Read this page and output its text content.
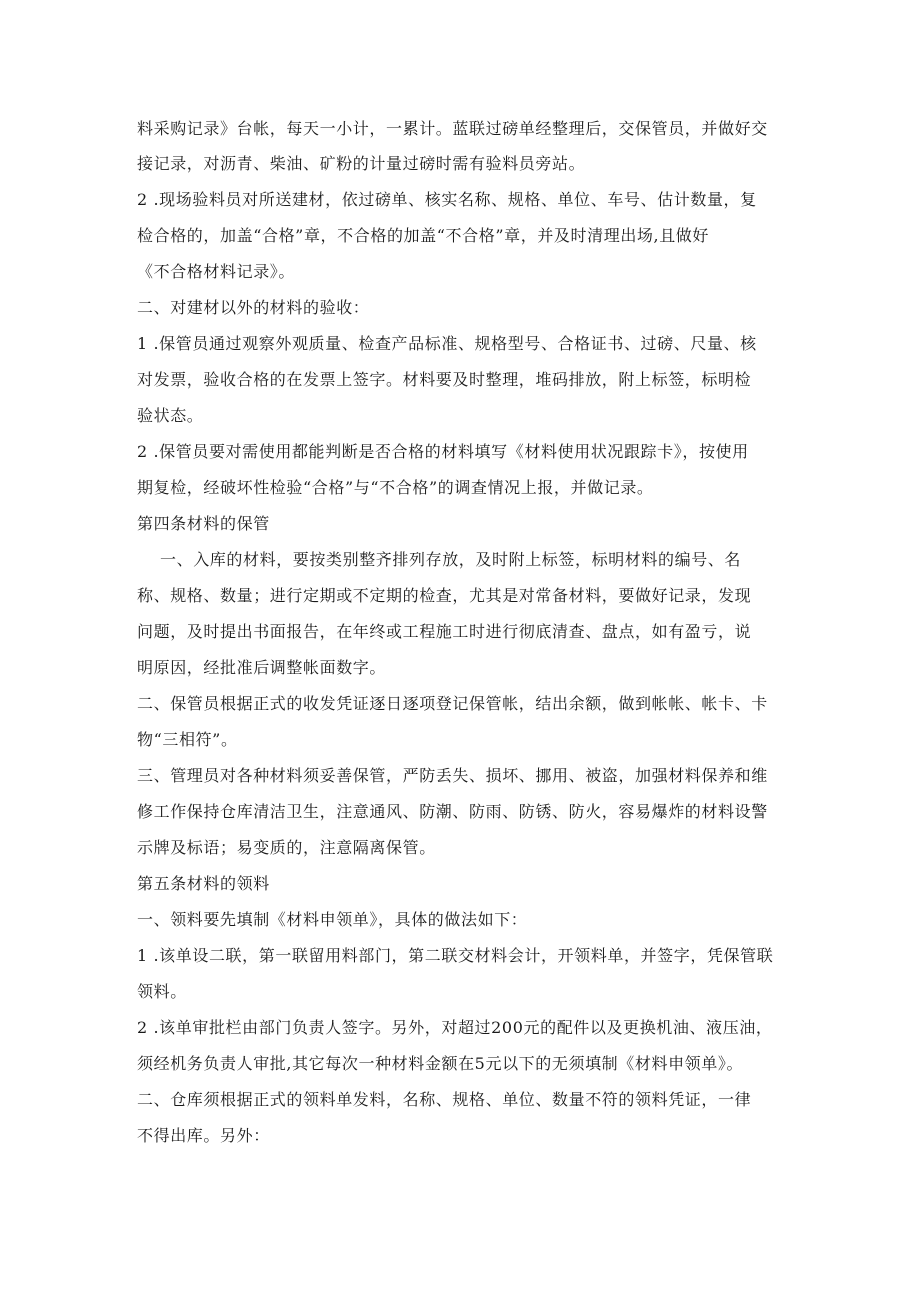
料采购记录》台帐，每天一小计，一累计。蓝联过磅单经整理后，交保管员，并做好交
接记录，对沥青、柴油、矿粉的计量过磅时需有验料员旁站。
2 .现场验料员对所送建材，依过磅单、核实名称、规格、单位、车号、估计数量，复
检合格的，加盖“合格”章，不合格的加盖“不合格”章，并及时清理出场,且做好
《不合格材料记录》。
二、对建材以外的材料的验收：
1 .保管员通过观察外观质量、检查产品标准、规格型号、合格证书、过磅、尺量、核
对发票，验收合格的在发票上签字。材料要及时整理，堆码排放，附上标签，标明检
验状态。
2 .保管员要对需使用都能判断是否合格的材料填写《材料使用状况跟踪卡》，按使用
期复检，经破坏性检验“合格”与“不合格”的调查情况上报，并做记录。
第四条材料的保管
一、入库的材料，要按类别整齐排列存放，及时附上标签，标明材料的编号、名
称、规格、数量；进行定期或不定期的检查，尤其是对常备材料，要做好记录，发现
问题，及时提出书面报告，在年终或工程施工时进行彻底清查、盘点，如有盈亏，说
明原因，经批准后调整帐面数字。
二、保管员根据正式的收发凭证逐日逐项登记保管帐，结出余额，做到帐帐、帐卡、卡
物“三相符”。
三、管理员对各种材料须妥善保管，严防丢失、损坏、挪用、被盗，加强材料保养和维
修工作保持仓库清洁卫生，注意通风、防潮、防雨、防锈、防火，容易爆炸的材料设警
示牌及标语；易变质的，注意隔离保管。
第五条材料的领料
一、领料要先填制《材料申领单》，具体的做法如下：
1 .该单设二联，第一联留用料部门，第二联交材料会计，开领料单，并签字，凭保管联
领料。
2 .该单审批栏由部门负责人签字。另外，对超过200元的配件以及更换机油、液压油，
须经机务负责人审批,其它每次一种材料金额在5元以下的无须填制《材料申领单》。
二、仓库须根据正式的领料单发料，名称、规格、单位、数量不符的领料凭证，一律
不得出库。另外：
